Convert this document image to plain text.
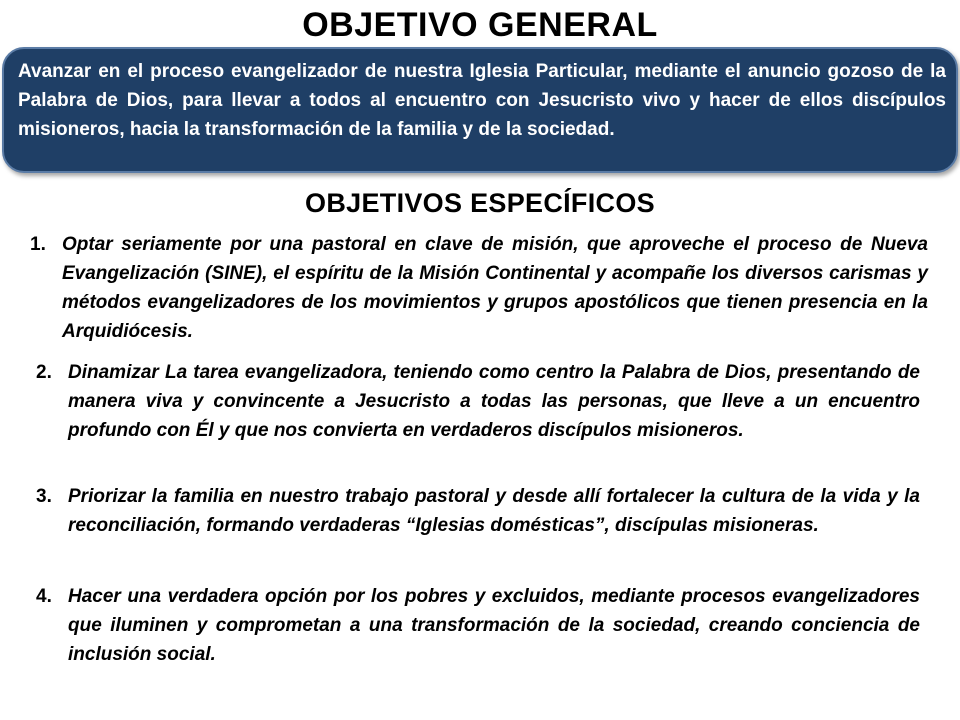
OBJETIVO GENERAL
Avanzar en el proceso evangelizador de nuestra Iglesia Particular, mediante el anuncio gozoso de la Palabra de Dios, para llevar a todos al encuentro con Jesucristo vivo y hacer de ellos discípulos misioneros, hacia la transformación de la familia y de la sociedad.
OBJETIVOS ESPECÍFICOS
1. Optar seriamente por una pastoral en clave de misión, que aproveche el proceso de Nueva Evangelización (SINE), el espíritu de la Misión Continental y acompañe los diversos carismas y métodos evangelizadores de los movimientos y grupos apostólicos que tienen presencia en la Arquidiócesis.
2. Dinamizar La tarea evangelizadora, teniendo como centro la Palabra de Dios, presentando de manera viva y convincente a Jesucristo a todas las personas, que lleve a un encuentro profundo con Él y que nos convierta en verdaderos discípulos misioneros.
3. Priorizar la familia en nuestro trabajo pastoral y desde allí fortalecer la cultura de la vida y la reconciliación, formando verdaderas “Iglesias domésticas”, discípulas misioneras.
4. Hacer una verdadera opción por los pobres y excluidos, mediante procesos evangelizadores que iluminen y comprometan a una transformación de la sociedad, creando conciencia de inclusión social.
